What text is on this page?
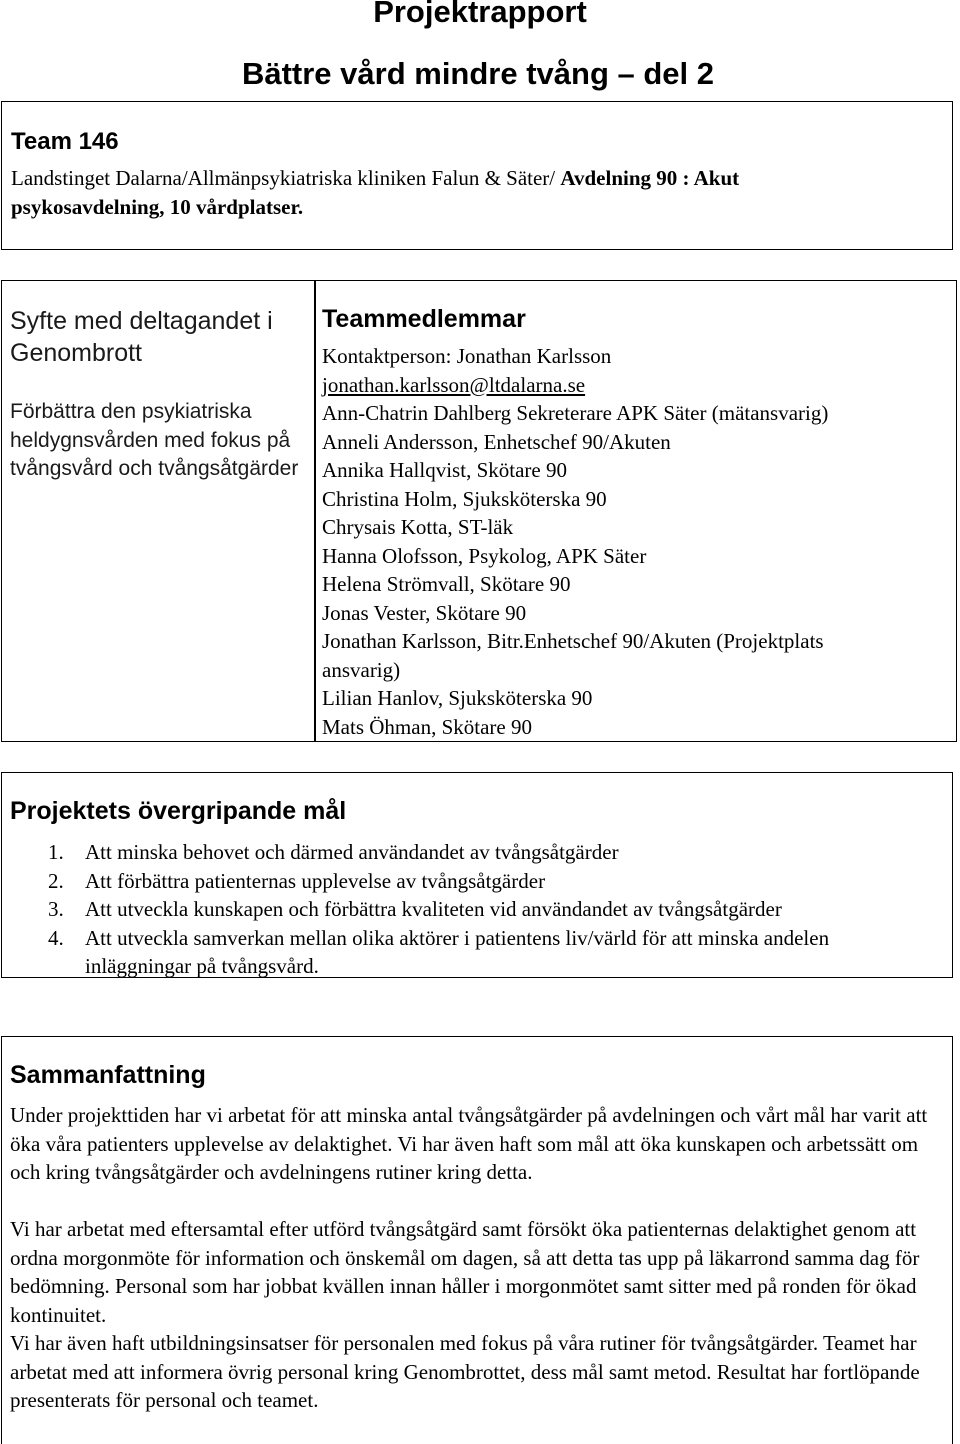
Projektrapport
Bättre vård mindre tvång – del 2
Team 146
Landstinget Dalarna/Allmänpsykiatriska kliniken Falun & Säter/ Avdelning 90 : Akut
psykosavdelning, 10 vårdplatser.
Syfte med deltagandet i Genombrott
Förbättra den psykiatriska heldygnsvården med fokus på tvångsvård och tvångsåtgärder
Teammedlemmar
Kontaktperson: Jonathan Karlsson
jonathan.karlsson@ltdalarna.se
Ann-Chatrin Dahlberg Sekreterare APK Säter (mätansvarig)
Anneli Andersson, Enhetschef 90/Akuten
Annika Hallqvist, Skötare 90
Christina Holm, Sjuksköterska 90
Chrysais Kotta, ST-läk
Hanna Olofsson, Psykolog, APK Säter
Helena Strömvall, Skötare 90
Jonas Vester, Skötare 90
Jonathan Karlsson, Bitr.Enhetschef 90/Akuten (Projektplats
ansvarig)
Lilian Hanlov, Sjuksköterska 90
Mats Öhman, Skötare 90
Projektets övergripande mål
1. Att minska behovet och därmed användandet av tvångsåtgärder
2. Att förbättra patienternas upplevelse av tvångsåtgärder
3. Att utveckla kunskapen och förbättra kvaliteten vid användandet av tvångsåtgärder
4. Att utveckla samverkan mellan olika aktörer i patientens liv/värld för att minska andelen inläggningar på tvångsvård.
Sammanfattning

Under projekttiden har vi arbetat för att minska antal tvångsåtgärder på avdelningen och vårt mål har varit att öka våra patienters upplevelse av delaktighet. Vi har även haft som mål att öka kunskapen och arbetssätt om och kring tvångsåtgärder och avdelningens rutiner kring detta.

Vi har arbetat med eftersamtal efter utförd tvångsåtgärd samt försökt öka patienternas delaktighet genom att ordna morgonmöte för information och önskemål om dagen, så att detta tas upp på läkarrond samma dag för bedömning. Personal som har jobbat kvällen innan håller i morgonmötet samt sitter med på ronden för ökad kontinuitet.

Vi har även haft utbildningsinsatser för personalen med fokus på våra rutiner för tvångsåtgärder. Teamet har arbetat med att informera övrig personal kring Genombrottet, dess mål samt metod. Resultat har fortlöpande presenterats för personal och teamet.
